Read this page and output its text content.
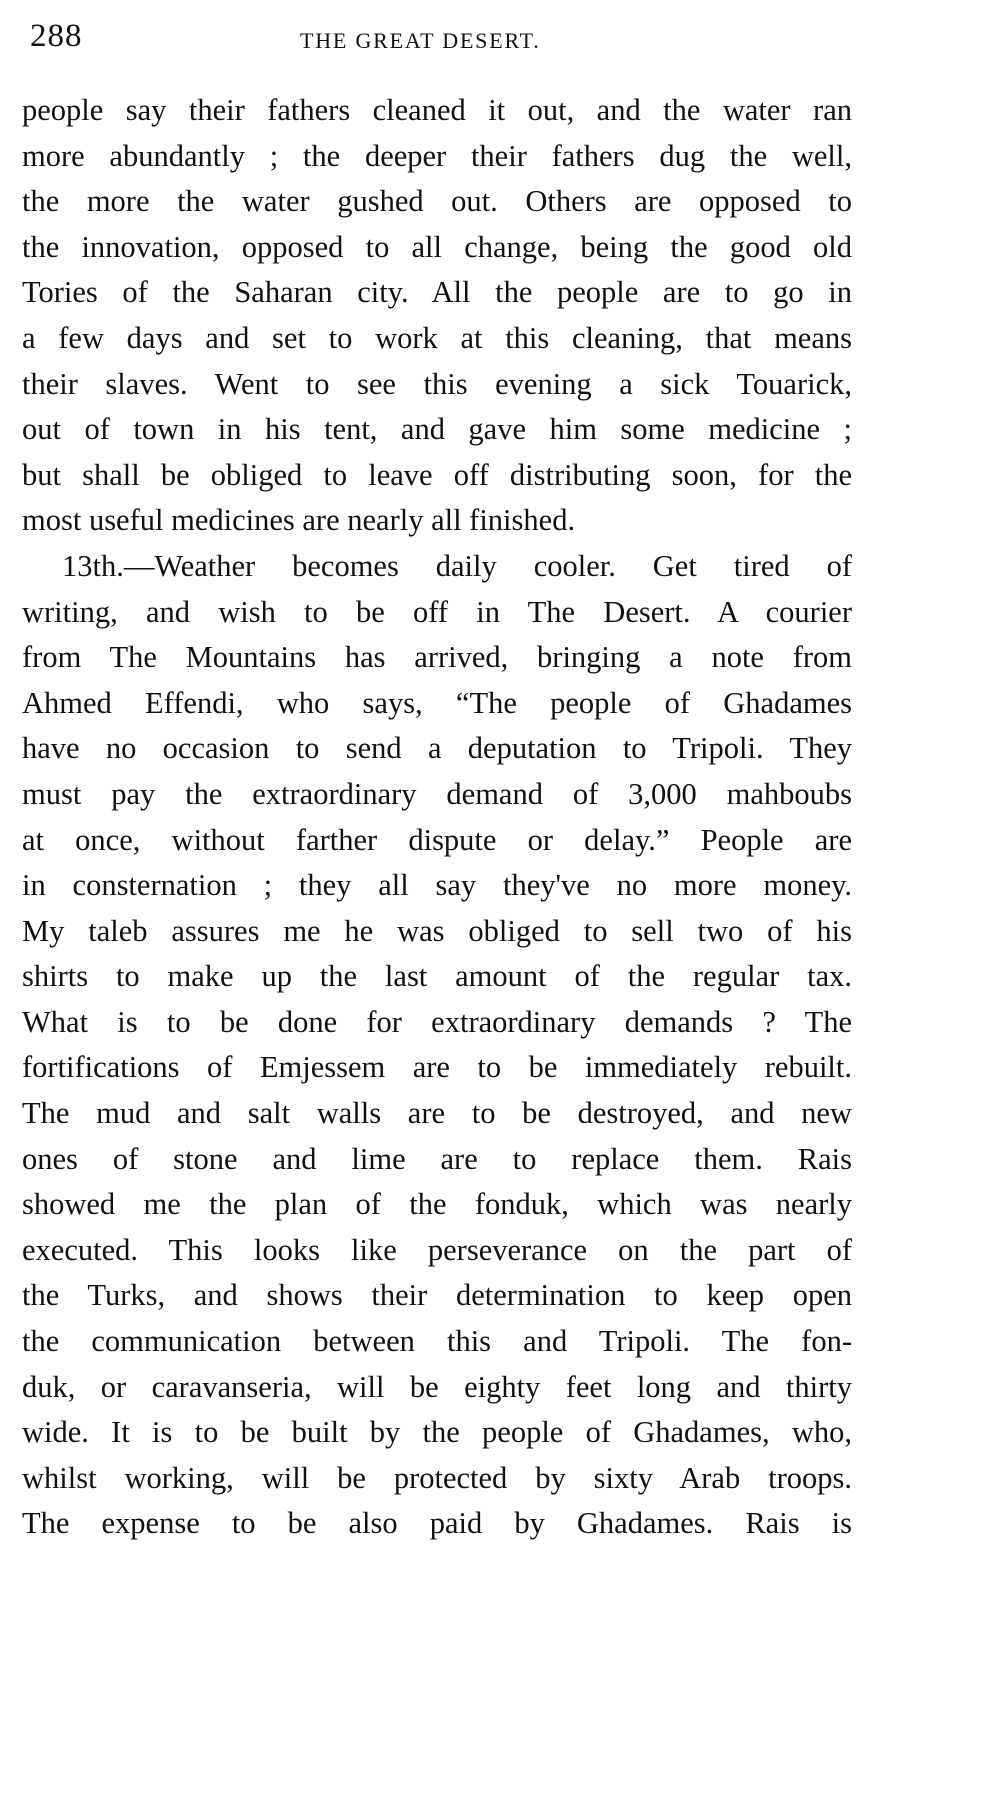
288	THE GREAT DESERT.
people say their fathers cleaned it out, and the water ran
more abundantly ; the deeper their fathers dug the well,
the more the water gushed out. Others are opposed to
the innovation, opposed to all change, being the good old
Tories of the Saharan city. All the people are to go in
a few days and set to work at this cleaning, that means
their slaves. Went to see this evening a sick Touarick,
out of town in his tent, and gave him some medicine ;
but shall be obliged to leave off distributing soon, for the
most useful medicines are nearly all finished.
13th.—Weather becomes daily cooler. Get tired of
writing, and wish to be off in The Desert. A courier
from The Mountains has arrived, bringing a note from
Ahmed Effendi, who says, “The people of Ghadames
have no occasion to send a deputation to Tripoli. They
must pay the extraordinary demand of 3,000 mahboubs
at once, without farther dispute or delay.” People are
in consternation ; they all say they've no more money.
My taleb assures me he was obliged to sell two of his
shirts to make up the last amount of the regular tax.
What is to be done for extraordinary demands ? The
fortifications of Emjessem are to be immediately rebuilt.
The mud and salt walls are to be destroyed, and new
ones of stone and lime are to replace them. Rais
showed me the plan of the fonduk, which was nearly
executed. This looks like perseverance on the part of
the Turks, and shows their determination to keep open
the communication between this and Tripoli. The fon-
duk, or caravanseria, will be eighty feet long and thirty
wide. It is to be built by the people of Ghadames, who,
whilst working, will be protected by sixty Arab troops.
The expense to be also paid by Ghadames. Rais is
